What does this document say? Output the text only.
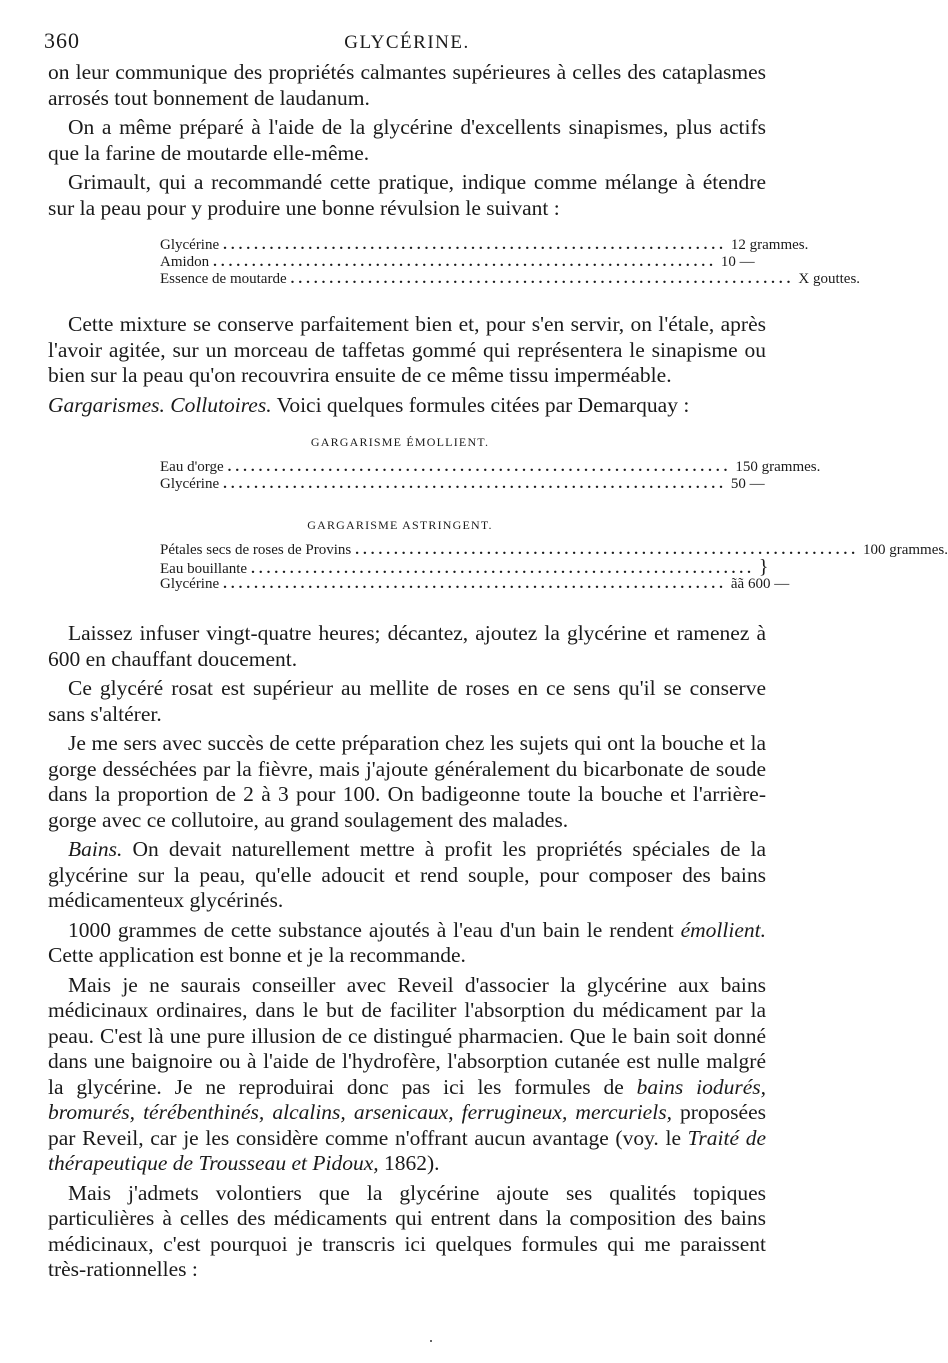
360	GLYCÉRINE.

on leur communique des propriétés calmantes supérieures à celles des cataplasmes arrosés tout bonnement de laudanum.

On a même préparé à l'aide de la glycérine d'excellents sinapismes, plus actifs que la farine de moutarde elle-même.

Grimault, qui a recommandé cette pratique, indique comme mélange à étendre sur la peau pour y produire une bonne révulsion le suivant :

Glycérine ................................................................. 12 grammes.
Amidon ................................................................. 10 —
Essence de moutarde ................................................................. X gouttes.

Cette mixture se conserve parfaitement bien et, pour s'en servir, on l'étale, après l'avoir agitée, sur un morceau de taffetas gommé qui représentera le sinapisme ou bien sur la peau qu'on recouvrira ensuite de ce même tissu imperméable.

Gargarismes. Collutoires. Voici quelques formules citées par Demarquay :

GARGARISME ÉMOLLIENT.
Eau d'orge ................................................................. 150 grammes.
Glycérine ................................................................. 50 —
GARGARISME ASTRINGENT.
Pétales secs de roses de Provins ................................................................. 100 grammes.
Eau bouillante ................................................................. }
Glycérine ................................................................. ãã 600 —

Laissez infuser vingt-quatre heures; décantez, ajoutez la glycérine et ramenez à 600 en chauffant doucement.

Ce glycéré rosat est supérieur au mellite de roses en ce sens qu'il se conserve sans s'altérer.

Je me sers avec succès de cette préparation chez les sujets qui ont la bouche et la gorge desséchées par la fièvre, mais j'ajoute généralement du bicarbonate de soude dans la proportion de 2 à 3 pour 100. On badigeonne toute la bouche et l'arrière-gorge avec ce collutoire, au grand soulagement des malades.

Bains. On devait naturellement mettre à profit les propriétés spéciales de la glycérine sur la peau, qu'elle adoucit et rend souple, pour composer des bains médicamenteux glycérinés.

1000 grammes de cette substance ajoutés à l'eau d'un bain le rendent émollient. Cette application est bonne et je la recommande.

Mais je ne saurais conseiller avec Reveil d'associer la glycérine aux bains médicinaux ordinaires, dans le but de faciliter l'absorption du médicament par la peau. C'est là une pure illusion de ce distingué pharmacien. Que le bain soit donné dans une baignoire ou à l'aide de l'hydrofère, l'absorption cutanée est nulle malgré la glycérine. Je ne reproduirai donc pas ici les formules de bains iodurés, bromurés, térébenthinés, alcalins, arsenicaux, ferrugineux, mercuriels, proposées par Reveil, car je les considère comme n'offrant aucun avantage (voy. le Traité de thérapeutique de Trousseau et Pidoux, 1862).

Mais j'admets volontiers que la glycérine ajoute ses qualités topiques particulières à celles des médicaments qui entrent dans la composition des bains médicinaux, c'est pourquoi je transcris ici quelques formules qui me paraissent très-rationnelles :
